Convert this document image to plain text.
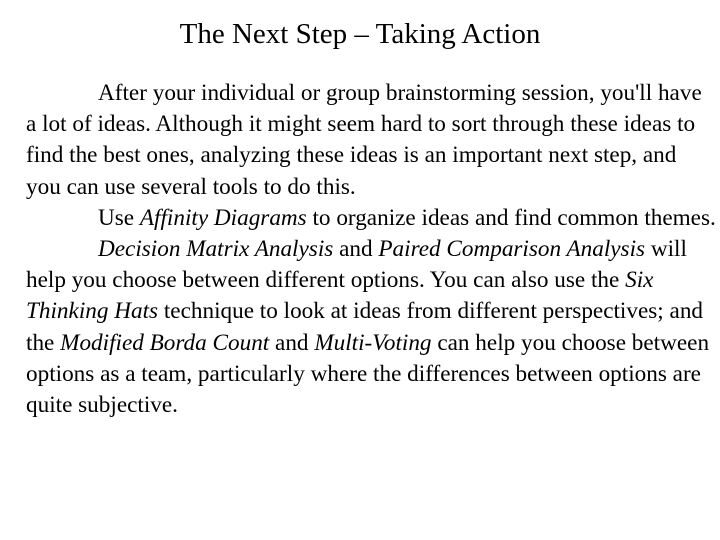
The Next Step – Taking Action

After your individual or group brainstorming session, you'll have a lot of ideas. Although it might seem hard to sort through these ideas to find the best ones, analyzing these ideas is an important next step, and you can use several tools to do this.

Use Affinity Diagrams to organize ideas and find common themes.

Decision Matrix Analysis and Paired Comparison Analysis will help you choose between different options. You can also use the Six Thinking Hats technique to look at ideas from different perspectives; and the Modified Borda Count and Multi-Voting can help you choose between options as a team, particularly where the differences between options are quite subjective.
